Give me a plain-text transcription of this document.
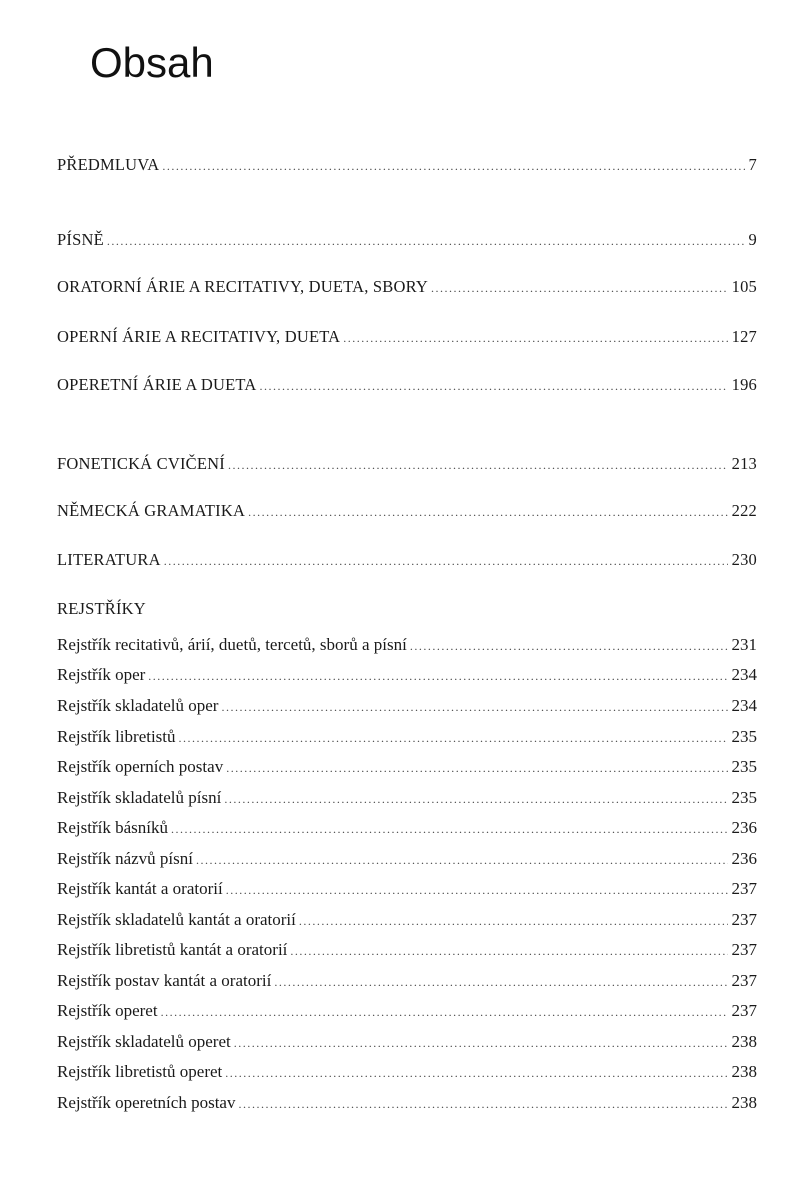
Obsah
PŘEDMLUVA .....	7
PÍSNĚ .....	9
ORATORNÍ ÁRIE A RECITATIVY, DUETA, SBORY .....	105
OPERNÍ ÁRIE A RECITATIVY, DUETA .....	127
OPERETNÍ ÁRIE A DUETA .....	196
FONETICKÁ CVIČENÍ .....	213
NĚMECKÁ GRAMATIKA .....	222
LITERATURA .....	230
REJSTŘÍKY
Rejstřík recitativů, árií, duetů, tercetů, sborů a písní .....	231
Rejstřík oper .....	234
Rejstřík skladatelů oper .....	234
Rejstřík libretistů .....	235
Rejstřík operních postav .....	235
Rejstřík skladatelů písní .....	235
Rejstřík básníků .....	236
Rejstřík názvů písní .....	236
Rejstřík kantát a oratorií .....	237
Rejstřík skladatelů kantát a oratorií .....	237
Rejstřík libretistů kantát a oratorií .....	237
Rejstřík postav kantát a oratorií .....	237
Rejstřík operet .....	237
Rejstřík skladatelů operet .....	238
Rejstřík libretistů operet .....	238
Rejstřík operetních postav .....	238
